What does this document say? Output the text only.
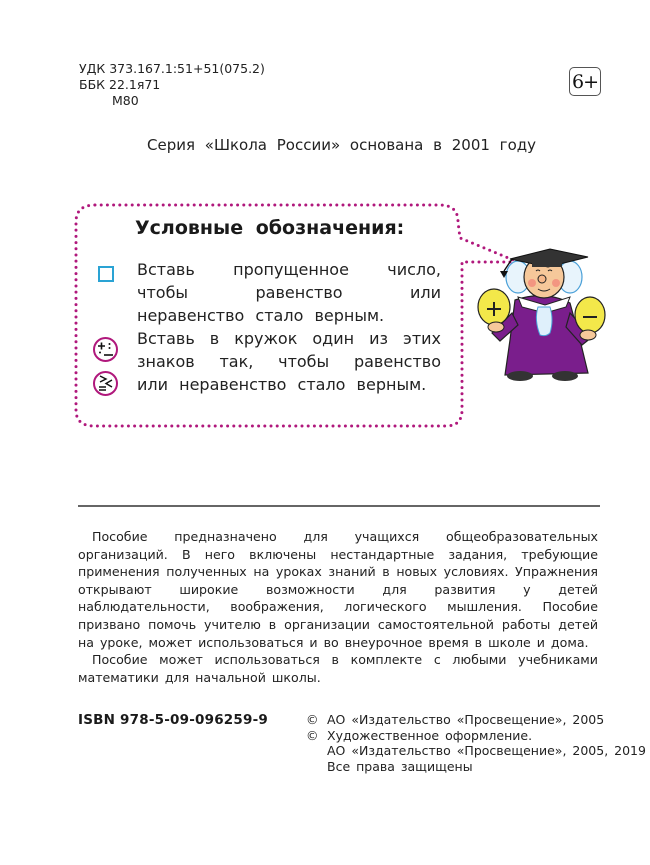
УДК 373.167.1:51+51(075.2)
ББК 22.1я71
М80
6+
Серия «Школа России» основана в 2001 году
Условные обозначения:
Вставь пропущенное число, чтобы равенство или неравенство стало верным.
Вставь в кружок один из этих знаков так, чтобы равенство или неравенство стало верным.

Пособие предназначено для учащихся общеобразовательных организаций. В него включены нестандартные задания, требующие применения полученных на уроках знаний в новых условиях. Упражнения открывают широкие возможности для развития у детей наблюдательности, воображения, логического мышления. Пособие призвано помочь учителю в организации самостоятельной работы детей на уроке, может использоваться и во внеурочное время в школе и дома.

Пособие может использоваться в комплекте с любыми учебниками математики для начальной школы.

ISBN 978-5-09-096259-9	© АО «Издательство «Просвещение», 2005
© Художественное оформление.
АО «Издательство «Просвещение», 2005, 2019
Все права защищены
